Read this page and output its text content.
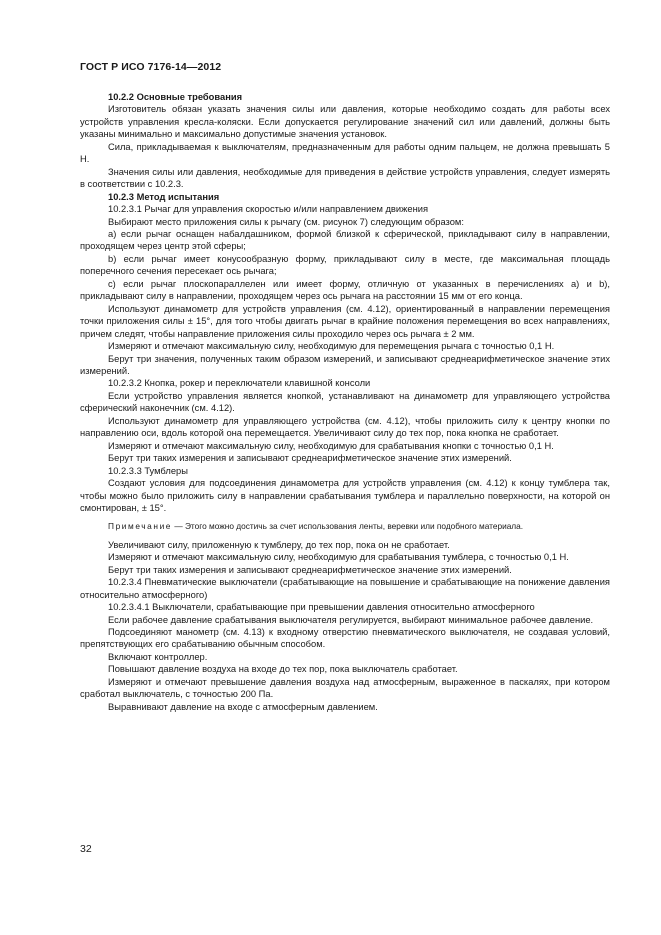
ГОСТ Р ИСО 7176-14—2012

10.2.2 Основные требования

Изготовитель обязан указать значения силы или давления, которые необходимо создать для работы всех устройств управления кресла-коляски. Если допускается регулирование значений сил или давлений, должны быть указаны минимально и максимально допустимые значения установок.

Сила, прикладываемая к выключателям, предназначенным для работы одним пальцем, не должна превышать 5 Н.

Значения силы или давления, необходимые для приведения в действие устройств управления, следует измерять в соответствии с 10.2.3.

10.2.3 Метод испытания

10.2.3.1 Рычаг для управления скоростью и/или направлением движения

Выбирают место приложения силы к рычагу (см. рисунок 7) следующим образом:

a) если рычаг оснащен набалдашником, формой близкой к сферической, прикладывают силу в направлении, проходящем через центр этой сферы;

b) если рычаг имеет конусообразную форму, прикладывают силу в месте, где максимальная площадь поперечного сечения пересекает ось рычага;

c) если рычаг плоскопараллелен или имеет форму, отличную от указанных в перечислениях a) и b), прикладывают силу в направлении, проходящем через ось рычага на расстоянии 15 мм от его конца.

Используют динамометр для устройств управления (см. 4.12), ориентированный в направлении перемещения точки приложения силы ± 15°, для того чтобы двигать рычаг в крайние положения перемещения во всех направлениях, причем следят, чтобы направление приложения силы проходило через ось рычага ± 2 мм.

Измеряют и отмечают максимальную силу, необходимую для перемещения рычага с точностью 0,1 Н.

Берут три значения, полученных таким образом измерений, и записывают среднеарифметическое значение этих измерений.

10.2.3.2 Кнопка, рокер и переключатели клавишной консоли

Если устройство управления является кнопкой, устанавливают на динамометр для управляющего устройства сферический наконечник (см. 4.12).

Используют динамометр для управляющего устройства (см. 4.12), чтобы приложить силу к центру кнопки по направлению оси, вдоль которой она перемещается. Увеличивают силу до тех пор, пока кнопка не сработает.

Измеряют и отмечают максимальную силу, необходимую для срабатывания кнопки с точностью 0,1 Н.

Берут три таких измерения и записывают среднеарифметическое значение этих измерений.

10.2.3.3 Тумблеры

Создают условия для подсоединения динамометра для устройств управления (см. 4.12) к концу тумблера так, чтобы можно было приложить силу в направлении срабатывания тумблера и параллельно поверхности, на которой он смонтирован, ± 15°.

Примечание — Этого можно достичь за счет использования ленты, веревки или подобного материала.

Увеличивают силу, приложенную к тумблеру, до тех пор, пока он не сработает.

Измеряют и отмечают максимальную силу, необходимую для срабатывания тумблера, с точностью 0,1 Н.

Берут три таких измерения и записывают среднеарифметическое значение этих измерений.

10.2.3.4 Пневматические выключатели (срабатывающие на повышение и срабатывающие на понижение давления относительно атмосферного)

10.2.3.4.1 Выключатели, срабатывающие при превышении давления относительно атмосферного

Если рабочее давление срабатывания выключателя регулируется, выбирают минимальное рабочее давление.

Подсоединяют манометр (см. 4.13) к входному отверстию пневматического выключателя, не создавая условий, препятствующих его срабатыванию обычным способом.

Включают контроллер.

Повышают давление воздуха на входе до тех пор, пока выключатель сработает.

Измеряют и отмечают превышение давления воздуха над атмосферным, выраженное в паскалях, при котором сработал выключатель, с точностью 200 Па.

Выравнивают давление на входе с атмосферным давлением.

32
